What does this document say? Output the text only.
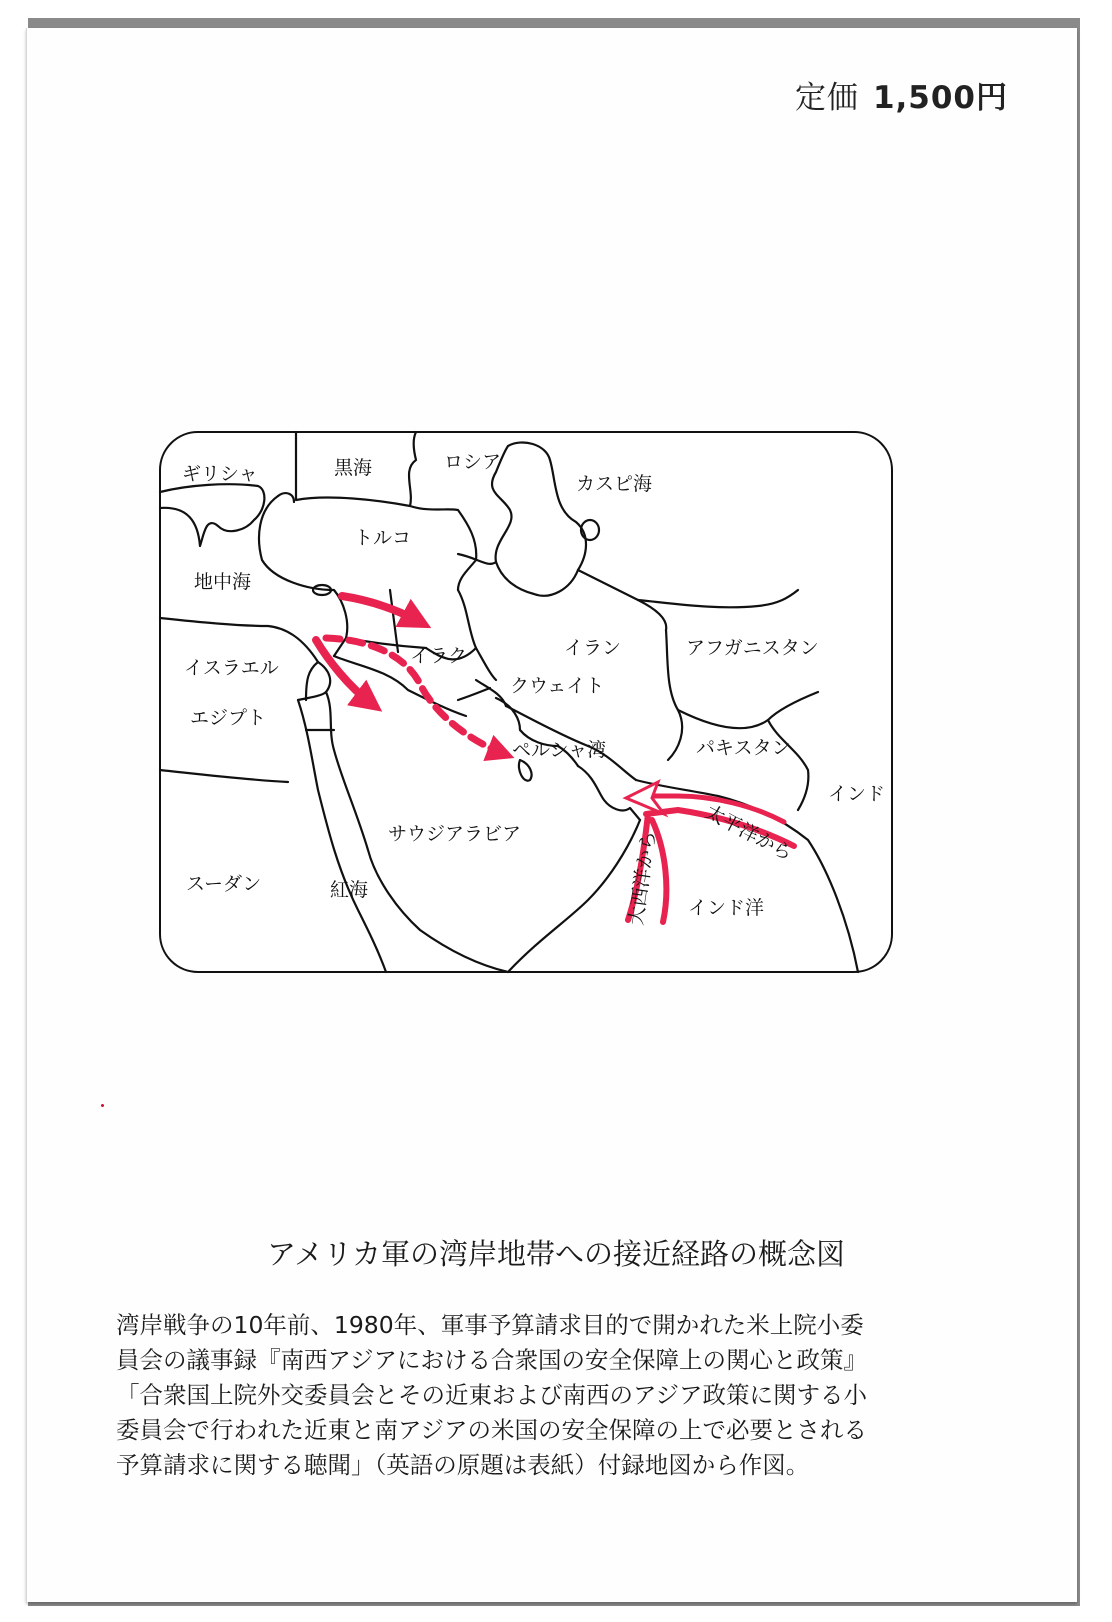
定価 1,500円
ギリシャ	黒海	ロシア
カスピ海
トルコ
地中海
イスラエル
イラク	イラン	アフガニスタン
クウェイト
エジプト
ペルシャ湾	パキスタン
インド
太平洋から
サウジアラビア	大西洋から
スーダン	紅海
インド洋
アメリカ軍の湾岸地帯への接近経路の概念図
湾岸戦争の10年前、1980年、軍事予算請求目的で開かれた米上院小委
員会の議事録『南西アジアにおける合衆国の安全保障上の関心と政策』
「合衆国上院外交委員会とその近東および南西のアジア政策に関する小
委員会で行われた近東と南アジアの米国の安全保障の上で必要とされる
予算請求に関する聴聞」（英語の原題は表紙）付録地図から作図。
